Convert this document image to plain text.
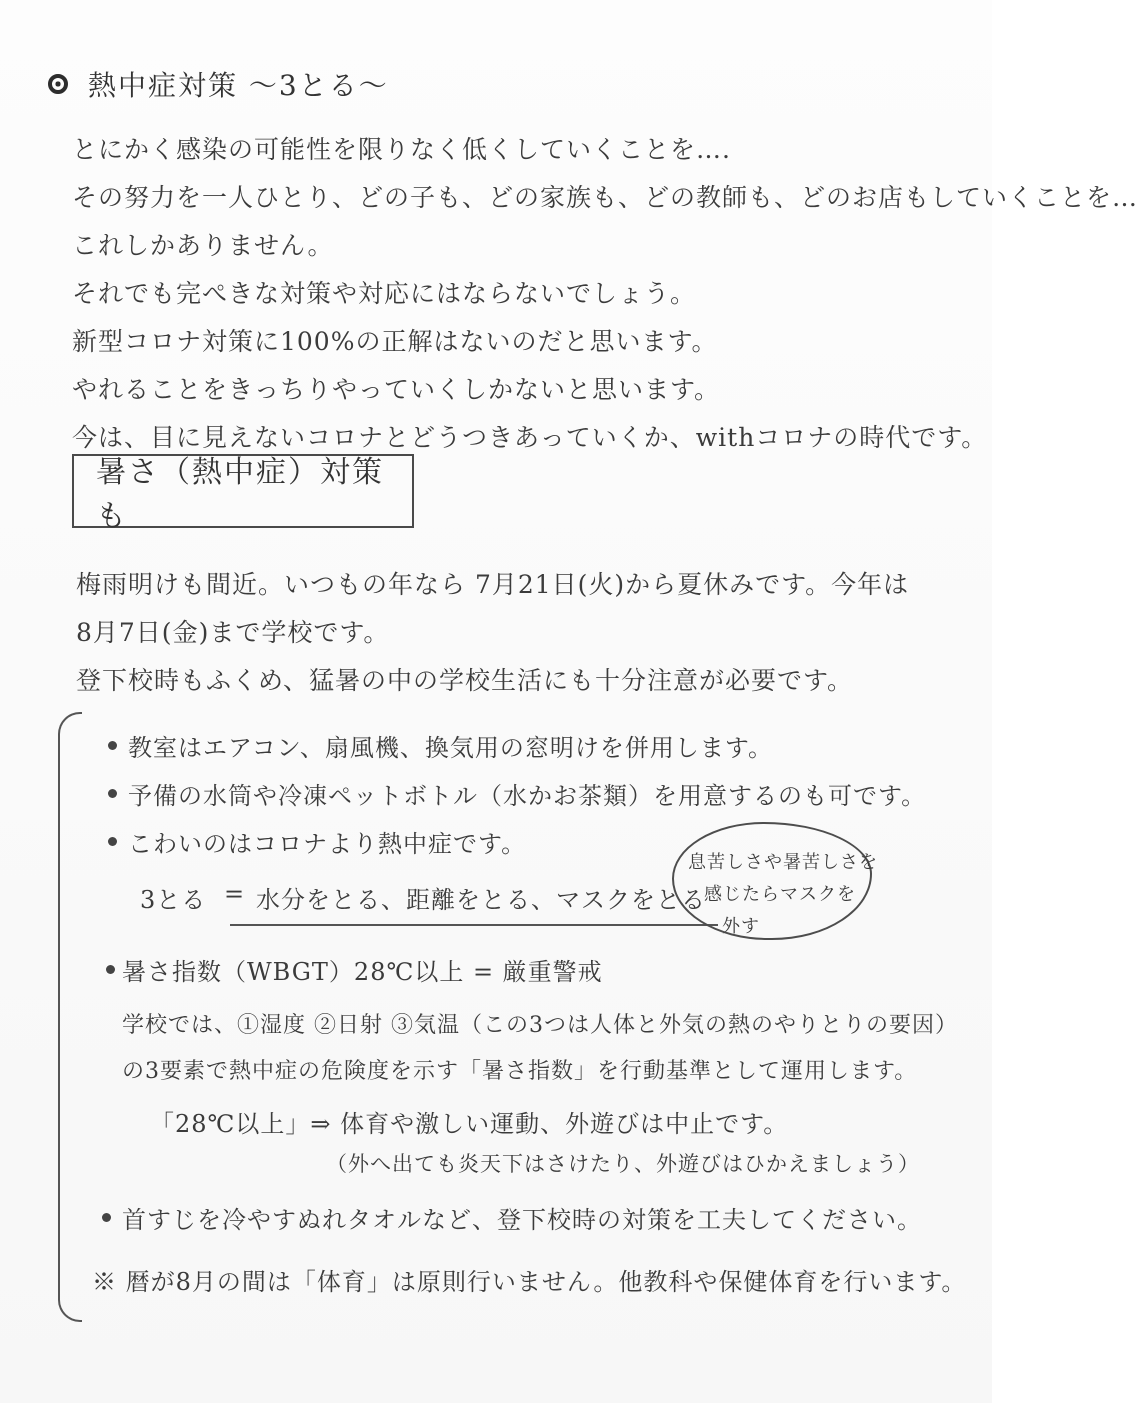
熱中症対策 ～3とる～
とにかく感染の可能性を限りなく低くしていくことを….
その努力を一人ひとり、どの子も、どの家族も、どの教師も、どのお店もしていくことを…
これしかありません。
それでも完ぺきな対策や対応にはならないでしょう。
新型コロナ対策に100%の正解はないのだと思います。
やれることをきっちりやっていくしかないと思います。
今は、目に見えないコロナとどうつきあっていくか、withコロナの時代です。
暑さ（熱中症）対策も
梅雨明けも間近。いつもの年なら 7月21日(火)から夏休みです。今年は
8月7日(金)まで学校です。
登下校時もふくめ、猛暑の中の学校生活にも十分注意が必要です。
教室はエアコン、扇風機、換気用の窓明けを併用します。
予備の水筒や冷凍ペットボトル（水かお茶類）を用意するのも可です。
こわいのはコロナより熱中症です。
3とる = 水分をとる、距離をとる、マスクをとる
息苦しさや暑苦しさを
感じたらマスクを
外す
暑さ指数（WBGT）28℃以上 = 厳重警戒
学校では、①湿度 ②日射 ③気温（この3つは人体と外気の熱のやりとりの要因）
の3要素で熱中症の危険度を示す「暑さ指数」を行動基準として運用します。
「28℃以上」⇒ 体育や激しい運動、外遊びは中止です。
（外へ出ても炎天下はさけたり、外遊びはひかえましょう）
首すじを冷やすぬれタオルなど、登下校時の対策を工夫してください。
※ 暦が8月の間は「体育」は原則行いません。他教科や保健体育を行います。
